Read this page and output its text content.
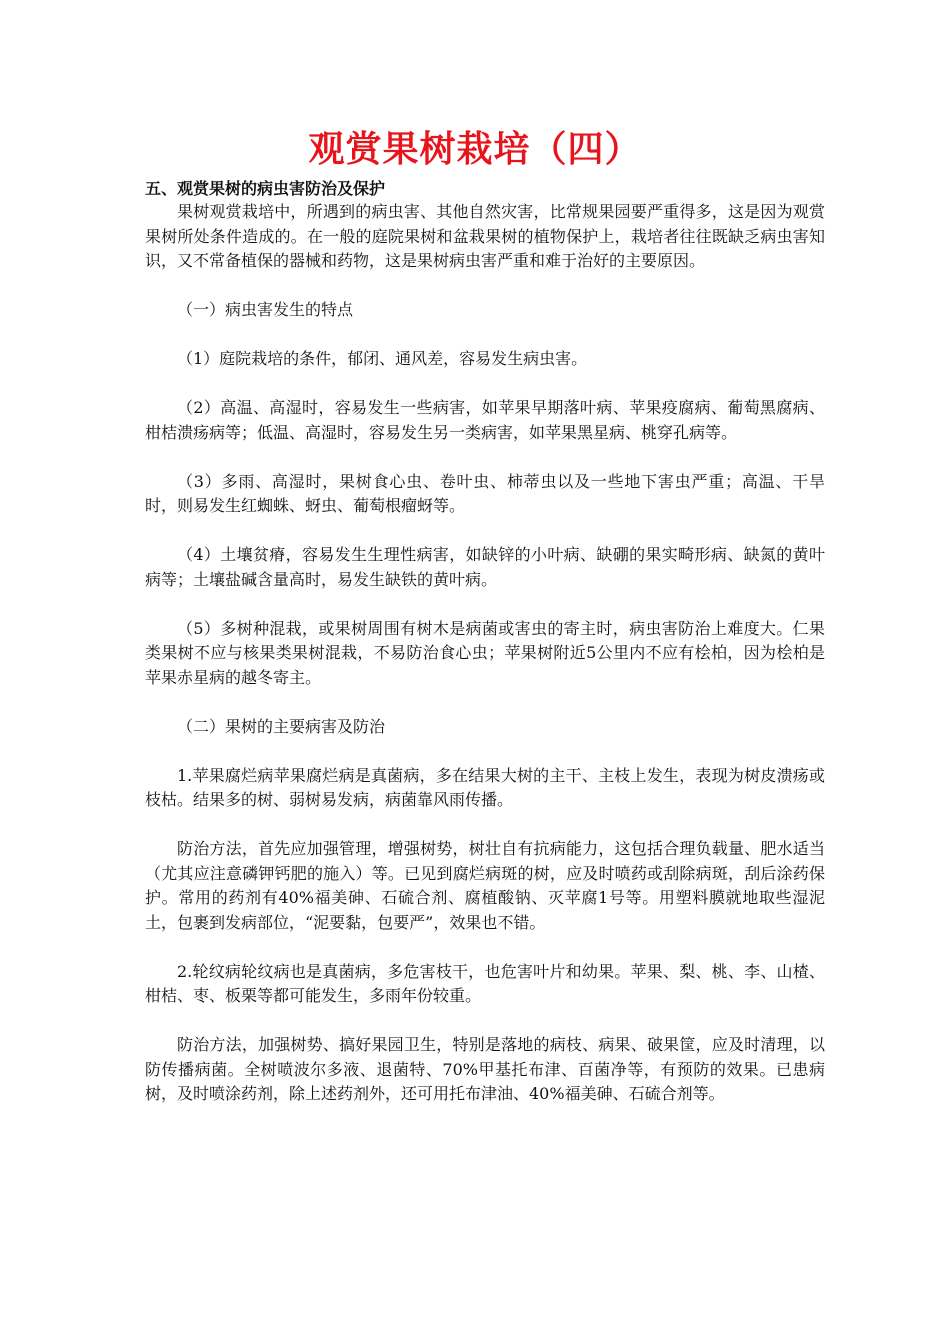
观赏果树栽培（四）

五、观赏果树的病虫害防治及保护

果树观赏栽培中，所遇到的病虫害、其他自然灾害，比常规果园要严重得多，这是因为观赏果树所处条件造成的。在一般的庭院果树和盆栽果树的植物保护上，栽培者往往既缺乏病虫害知识，又不常备植保的器械和药物，这是果树病虫害严重和难于治好的主要原因。

（一）病虫害发生的特点

（1）庭院栽培的条件，郁闭、通风差，容易发生病虫害。

（2）高温、高湿时，容易发生一些病害，如苹果早期落叶病、苹果疫腐病、葡萄黑腐病、柑桔溃疡病等；低温、高湿时，容易发生另一类病害，如苹果黑星病、桃穿孔病等。

（3）多雨、高湿时，果树食心虫、卷叶虫、柿蒂虫以及一些地下害虫严重；高温、干旱时，则易发生红蜘蛛、蚜虫、葡萄根瘤蚜等。

（4）土壤贫瘠，容易发生生理性病害，如缺锌的小叶病、缺硼的果实畸形病、缺氮的黄叶病等；土壤盐碱含量高时，易发生缺铁的黄叶病。

（5）多树种混栽，或果树周围有树木是病菌或害虫的寄主时，病虫害防治上难度大。仁果类果树不应与核果类果树混栽，不易防治食心虫；苹果树附近5公里内不应有桧柏，因为桧柏是苹果赤星病的越冬寄主。

（二）果树的主要病害及防治

1.苹果腐烂病苹果腐烂病是真菌病，多在结果大树的主干、主枝上发生，表现为树皮溃疡或枝枯。结果多的树、弱树易发病，病菌靠风雨传播。

防治方法，首先应加强管理，增强树势，树壮自有抗病能力，这包括合理负载量、肥水适当（尤其应注意磷钾钙肥的施入）等。已见到腐烂病斑的树，应及时喷药或刮除病斑，刮后涂药保护。常用的药剂有40%福美砷、石硫合剂、腐植酸钠、灭苹腐1号等。用塑料膜就地取些湿泥土，包裹到发病部位，“泥要黏，包要严”，效果也不错。

2.轮纹病轮纹病也是真菌病，多危害枝干，也危害叶片和幼果。苹果、梨、桃、李、山楂、柑桔、枣、板栗等都可能发生，多雨年份较重。

防治方法，加强树势、搞好果园卫生，特别是落地的病枝、病果、破果筐，应及时清理，以防传播病菌。全树喷波尔多液、退菌特、70%甲基托布津、百菌净等，有预防的效果。已患病树，及时喷涂药剂，除上述药剂外，还可用托布津油、40%福美砷、石硫合剂等。
